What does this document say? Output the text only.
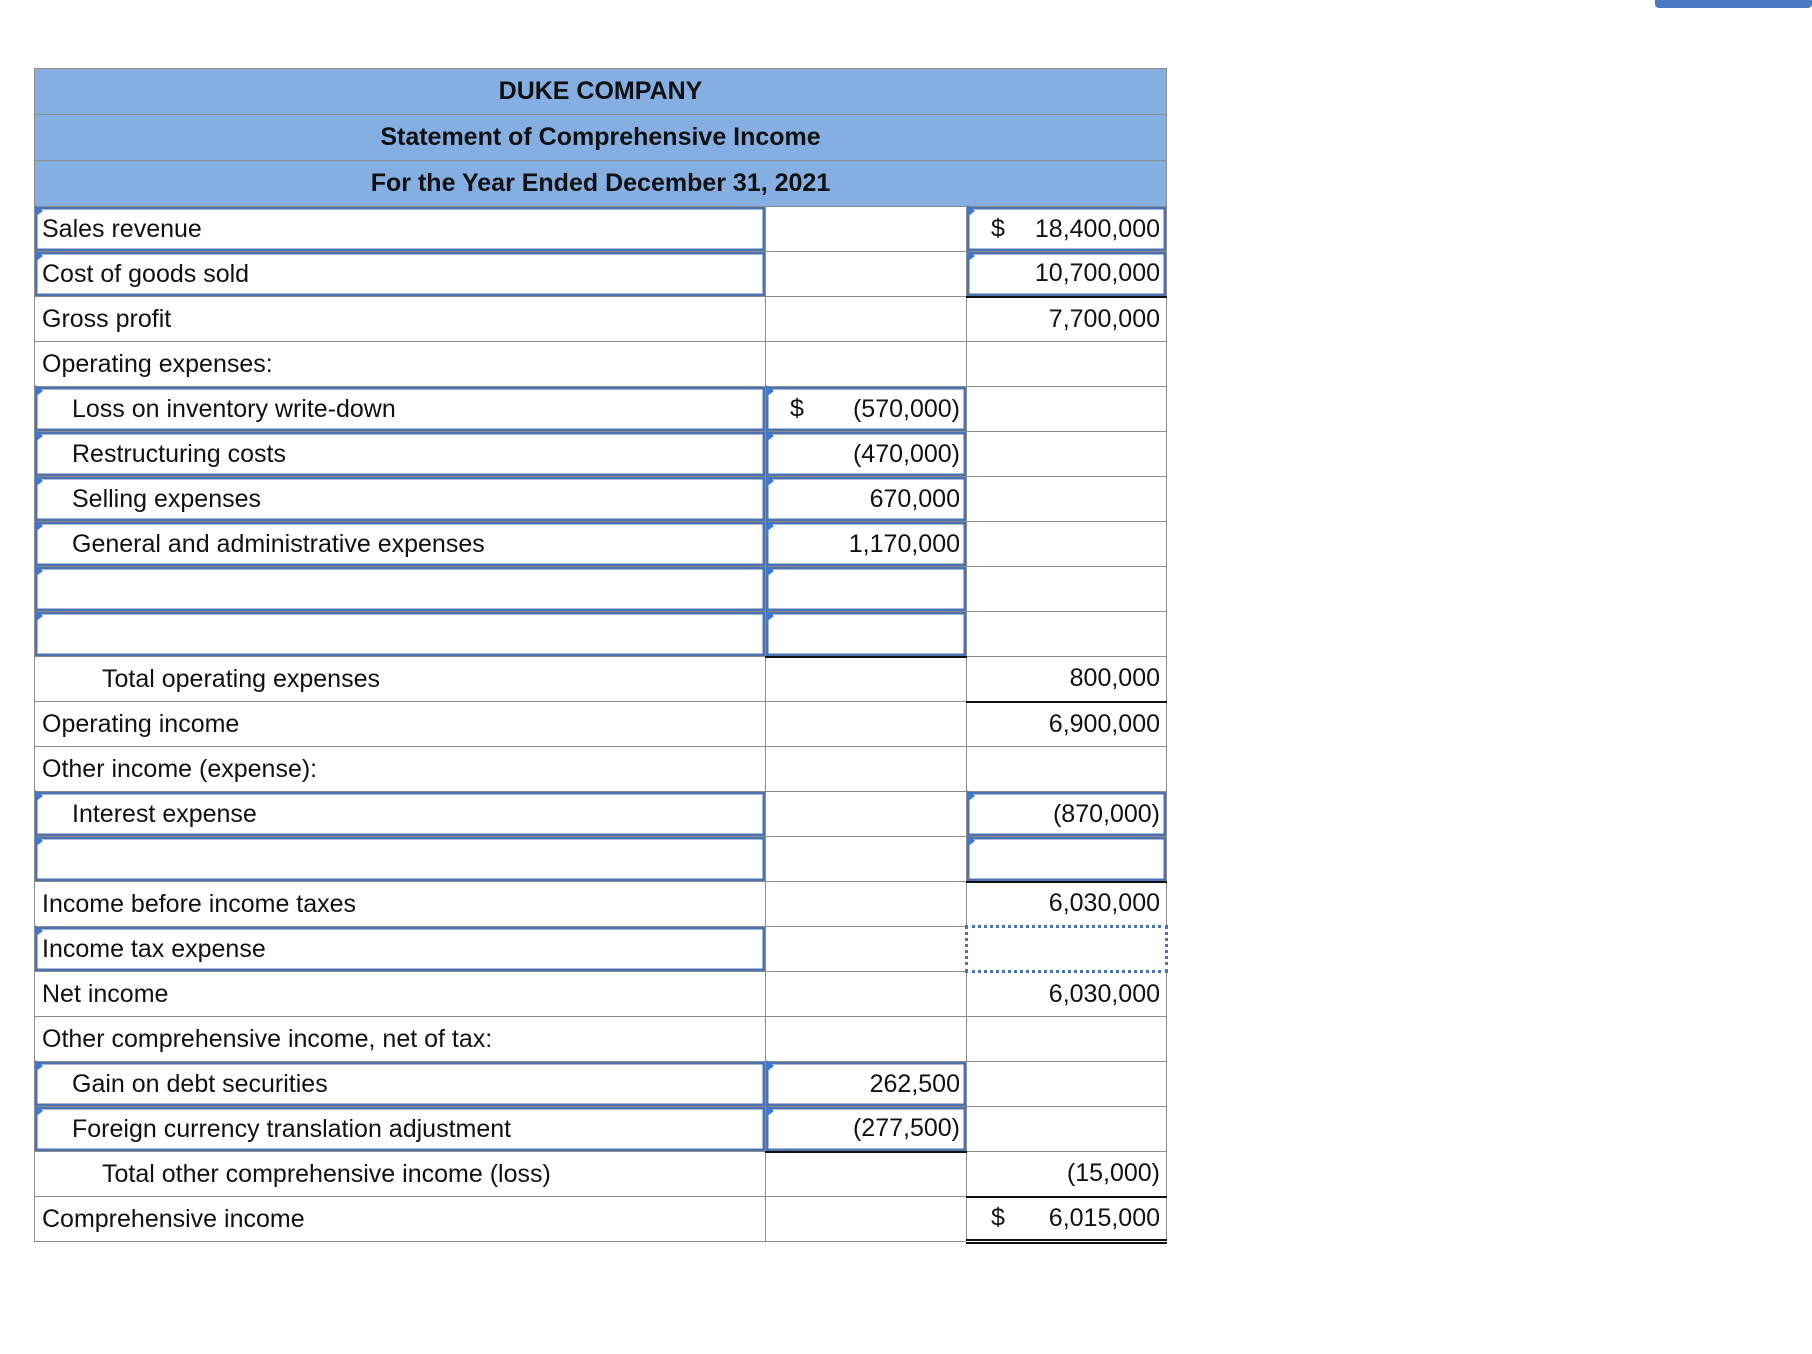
DUKE COMPANY		
Statement of Comprehensive Income		
For the Year Ended December 31, 2021		
Sales revenue		$ 18,400,000
Cost of goods sold		10,700,000
Gross profit		7,700,000
Operating expenses:		
Loss on inventory write-down	$ (570,000)	
Restructuring costs	(470,000)	
Selling expenses	670,000	
General and administrative expenses	1,170,000	

Total operating expenses		800,000
Operating income		6,900,000
Other income (expense):		
Interest expense		(870,000)

Income before income taxes		6,030,000
Income tax expense		
Net income		6,030,000
Other comprehensive income, net of tax:		
Gain on debt securities	262,500	
Foreign currency translation adjustment	(277,500)	
Total other comprehensive income (loss)		(15,000)
Comprehensive income		$ 6,015,000
